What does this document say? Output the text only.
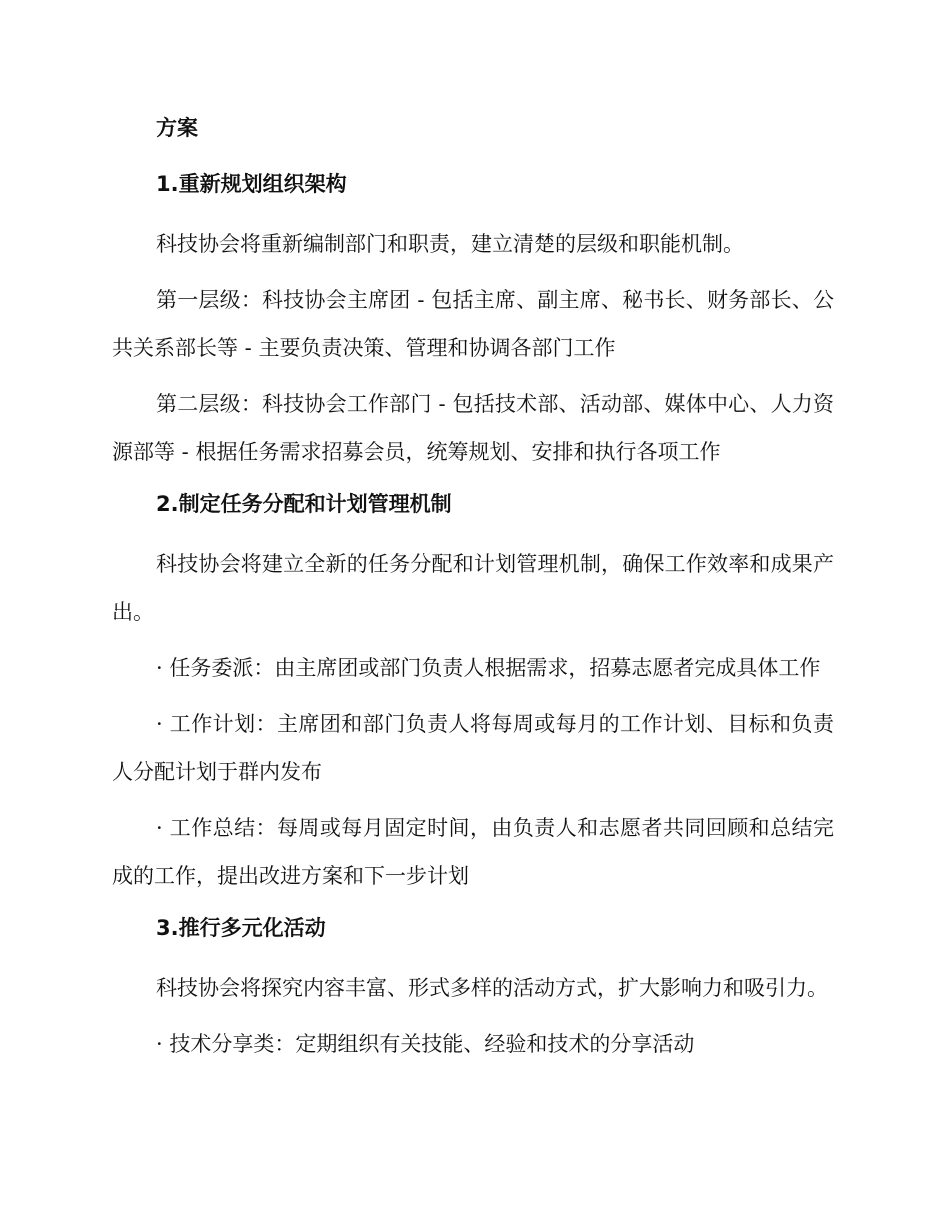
方案
1.重新规划组织架构

科技协会将重新编制部门和职责，建立清楚的层级和职能机制。

第一层级：科技协会主席团 - 包括主席、副主席、秘书长、财务部长、公共关系部长等 - 主要负责决策、管理和协调各部门工作

第二层级：科技协会工作部门 - 包括技术部、活动部、媒体中心、人力资源部等 - 根据任务需求招募会员，统筹规划、安排和执行各项工作

2.制定任务分配和计划管理机制

科技协会将建立全新的任务分配和计划管理机制，确保工作效率和成果产出。

· 任务委派：由主席团或部门负责人根据需求，招募志愿者完成具体工作

· 工作计划：主席团和部门负责人将每周或每月的工作计划、目标和负责人分配计划于群内发布

· 工作总结：每周或每月固定时间，由负责人和志愿者共同回顾和总结完成的工作，提出改进方案和下一步计划

3.推行多元化活动

科技协会将探究内容丰富、形式多样的活动方式，扩大影响力和吸引力。

· 技术分享类：定期组织有关技能、经验和技术的分享活动
